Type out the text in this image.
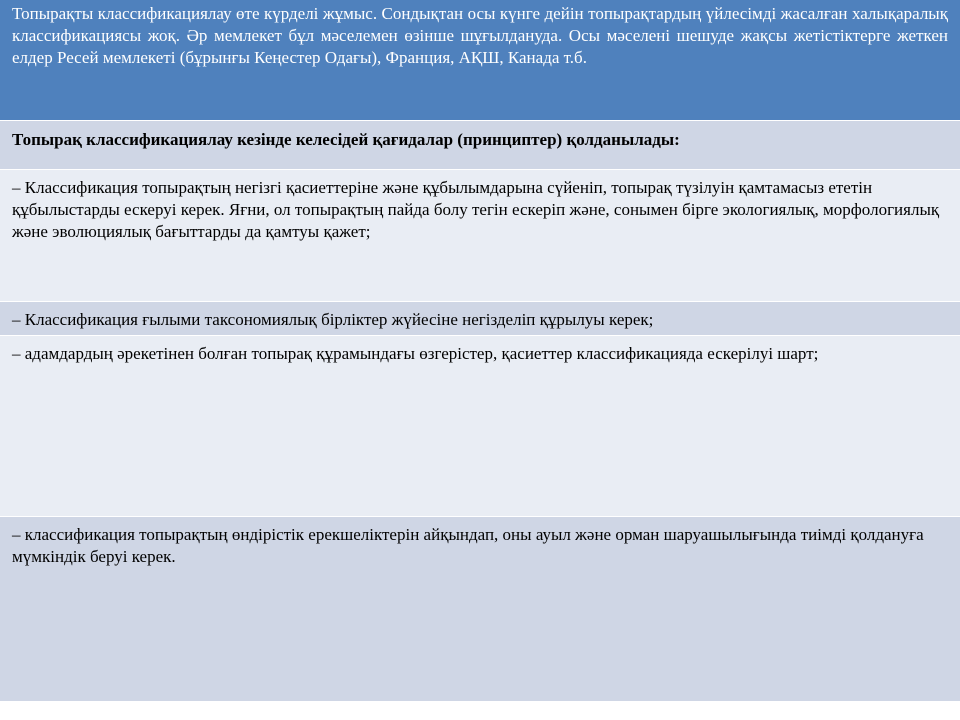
Топырақты классификациялау өте күрделі жұмыс. Сондықтан осы күнге дейін топырақтардың үйлесімді жасалған халықаралық классификациясы жоқ. Әр мемлекет бұл мәселемен өзінше шұғылдануда. Осы мәселені шешуде жақсы жетістіктерге жеткен елдер Ресей мемлекеті (бұрынғы Кеңестер Одағы), Франция, АҚШ, Канада т.б.
Топырақ классификациялау кезінде келесідей қағидалар (принциптер) қолданылады:
– Классификация топырақтың негізгі қасиеттеріне және құбылымдарына сүйеніп, топырақ түзілуін қамтамасыз ететін құбылыстарды ескеруі керек. Яғни, ол топырақтың пайда болу тегін ескеріп және, сонымен бірге экологиялық, морфологиялық және эволюциялық бағыттарды да қамтуы қажет;
– Классификация ғылыми таксономиялық бірліктер жүйесіне негізделіп құрылуы керек;
– адамдардың әрекетінен болған топырақ құрамындағы өзгерістер, қасиеттер классификацияда ескерілуі шарт;
– классификация топырақтың өндірістік ерекшеліктерін айқындап, оны ауыл және орман шаруашылығында тиімді қолдануға мүмкіндік беруі керек.
